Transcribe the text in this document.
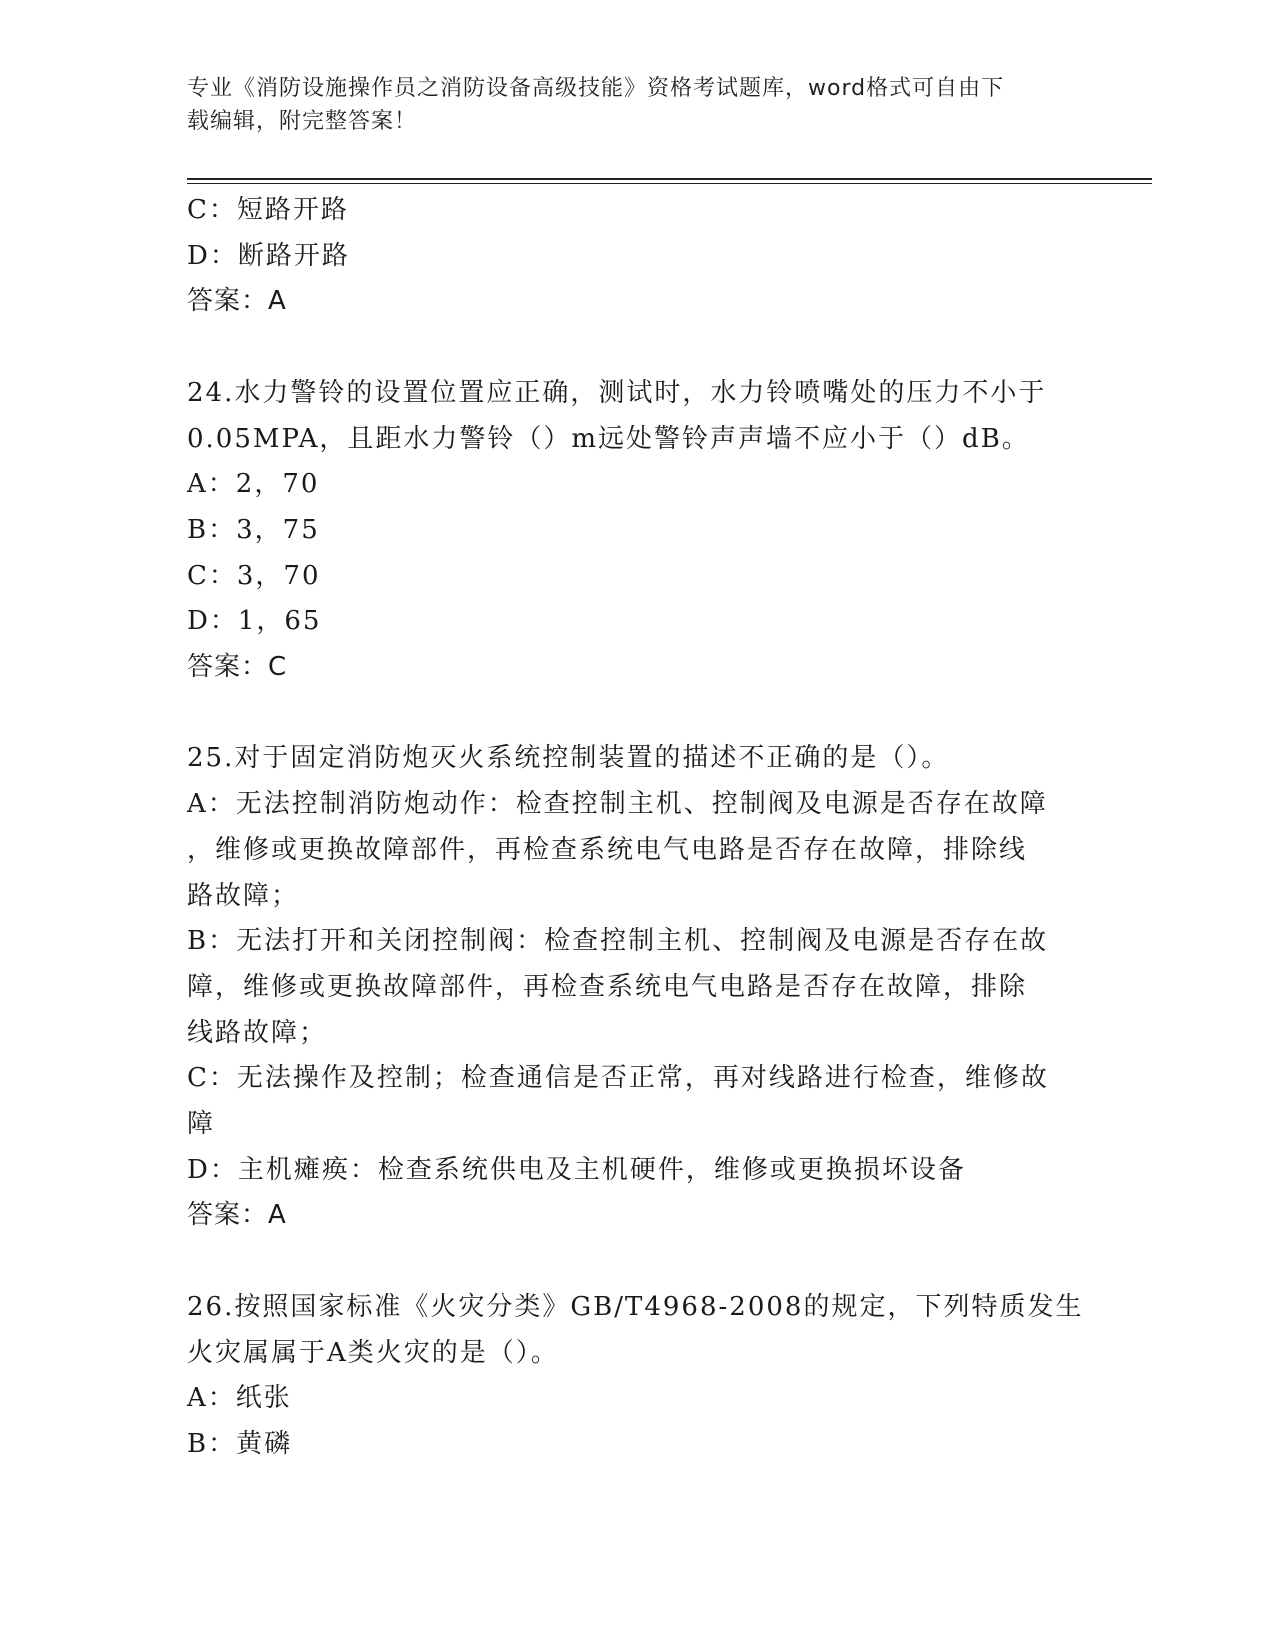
专业《消防设施操作员之消防设备高级技能》资格考试题库，word格式可自由下
载编辑，附完整答案！
C：短路开路
D：断路开路
答案：A
24.水力警铃的设置位置应正确，测试时，水力铃喷嘴处的压力不小于
0.05MPA，且距水力警铃（）m远处警铃声声墙不应小于（）dB。
A：2，70
B：3，75
C：3，70
D：1，65
答案：C
25.对于固定消防炮灭火系统控制装置的描述不正确的是（）。
A：无法控制消防炮动作：检查控制主机、控制阀及电源是否存在故障
，维修或更换故障部件，再检查系统电气电路是否存在故障，排除线
路故障；
B：无法打开和关闭控制阀：检查控制主机、控制阀及电源是否存在故
障，维修或更换故障部件，再检查系统电气电路是否存在故障，排除
线路故障；
C：无法操作及控制；检查通信是否正常，再对线路进行检查，维修故
障
D：主机瘫痪：检查系统供电及主机硬件，维修或更换损坏设备
答案：A
26.按照国家标准《火灾分类》GB/T4968-2008的规定，下列特质发生
火灾属属于A类火灾的是（）。
A：纸张
B：黄磷
